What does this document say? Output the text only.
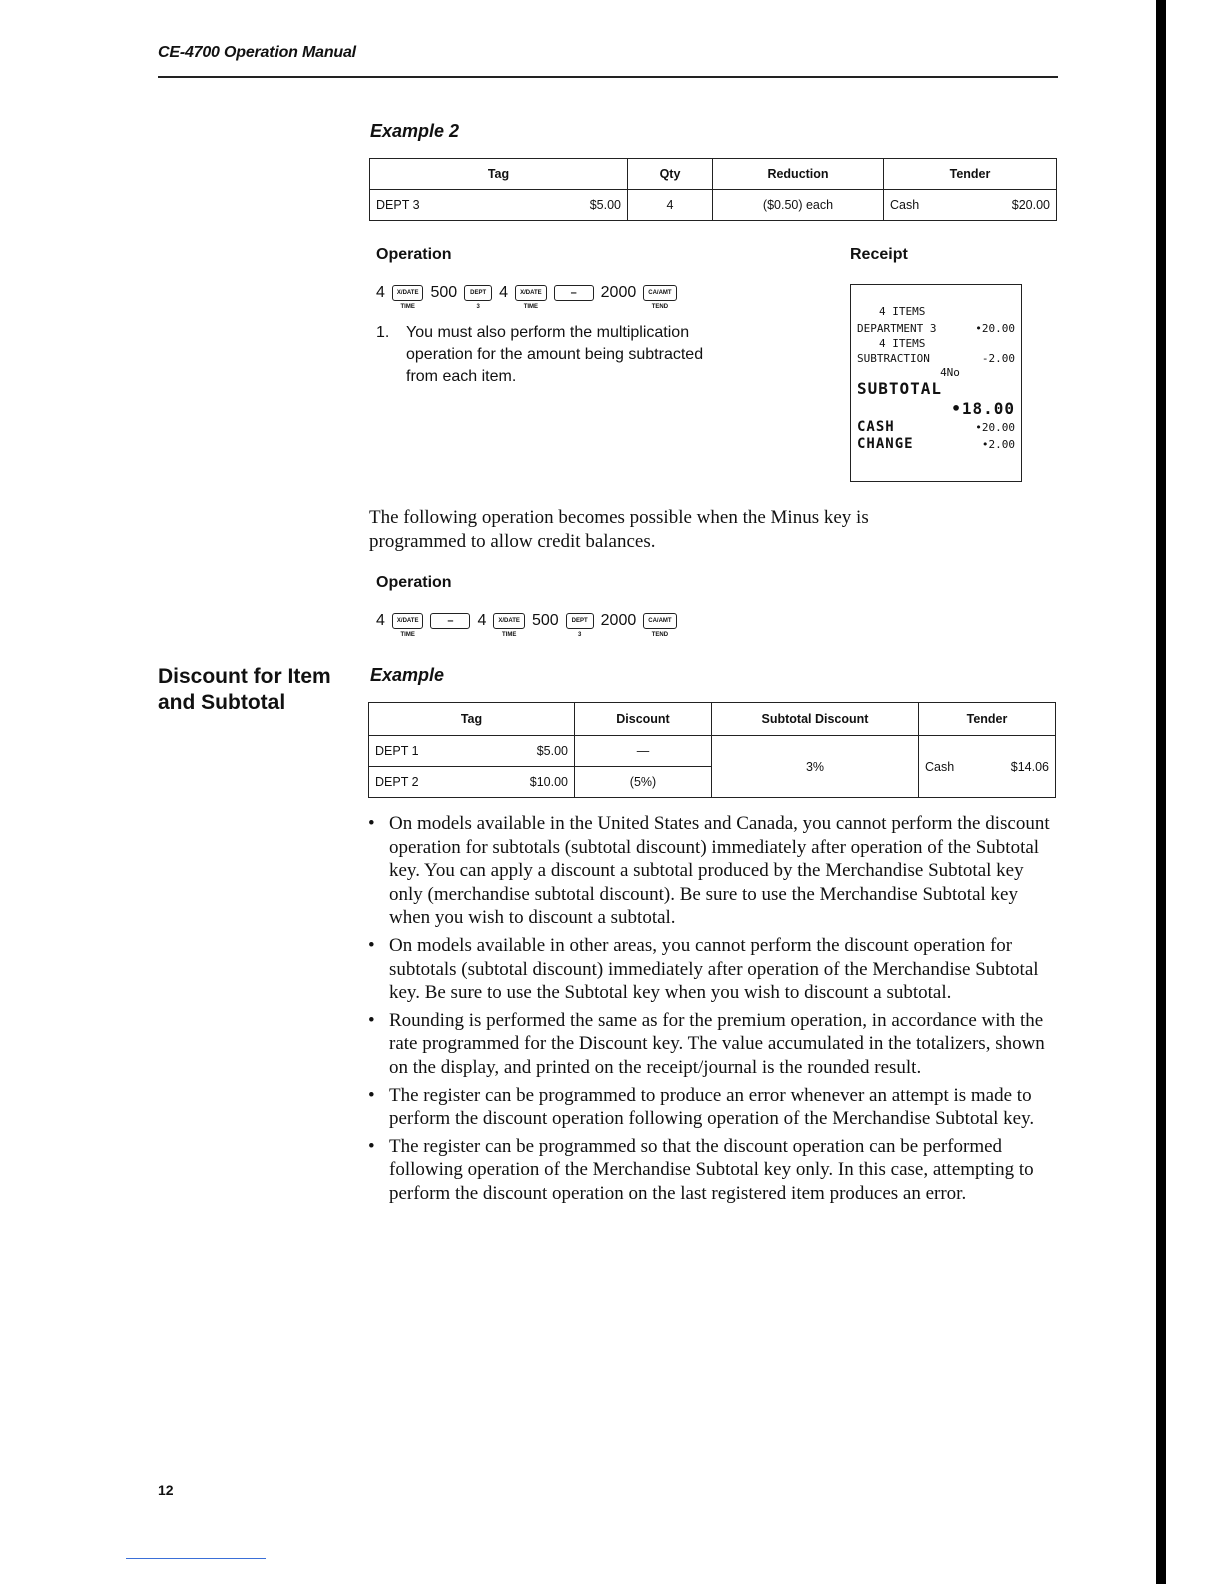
CE-4700 Operation Manual
Example 2
Tag	Qty	Reduction	Tender

DEPT 3 $5.00	4	($0.50) each	Cash $20.00
Operation	Receipt
4	X/DATE
TIME
500	DEPT
3
4	X/DATE
TIME
–	2000	CA/AMT
TEND
1. You must also perform the multiplication operation for the amount being subtracted from each item.
4 ITEMS
DEPARTMENT 3	•20.00
4 ITEMS
SUBTRACTION	-2.00
4No
SUBTOTAL
•18.00
CASH	•20.00
CHANGE	•2.00
The following operation becomes possible when the Minus key is programmed to allow credit balances.
Operation
4	X/DATE
TIME
–	4	X/DATE
TIME
500	DEPT
3
2000	CA/AMT
TEND
Discount for Item
and Subtotal
Example
Tag	Discount	Subtotal Discount	Tender

DEPT 1 $5.00	—	3%	Cash $14.06

DEPT 2 $10.00	(5%)		
• On models available in the United States and Canada, you cannot perform the discount operation for subtotals (subtotal discount) immediately after operation of the Subtotal key. You can apply a discount a subtotal produced by the Merchandise Subtotal key only (merchandise subtotal discount). Be sure to use the Merchandise Subtotal key when you wish to discount a subtotal.
• On models available in other areas, you cannot perform the discount operation for subtotals (subtotal discount) immediately after operation of the Merchandise Subtotal key. Be sure to use the Subtotal key when you wish to discount a subtotal.
• Rounding is performed the same as for the premium operation, in accordance with the rate programmed for the Discount key. The value accumulated in the totalizers, shown on the display, and printed on the receipt/journal is the rounded result.
• The register can be programmed to produce an error whenever an attempt is made to perform the discount operation following operation of the Merchandise Subtotal key.
• The register can be programmed so that the discount operation can be performed following operation of the Merchandise Subtotal key only. In this case, attempting to perform the discount operation on the last registered item produces an error.
12
